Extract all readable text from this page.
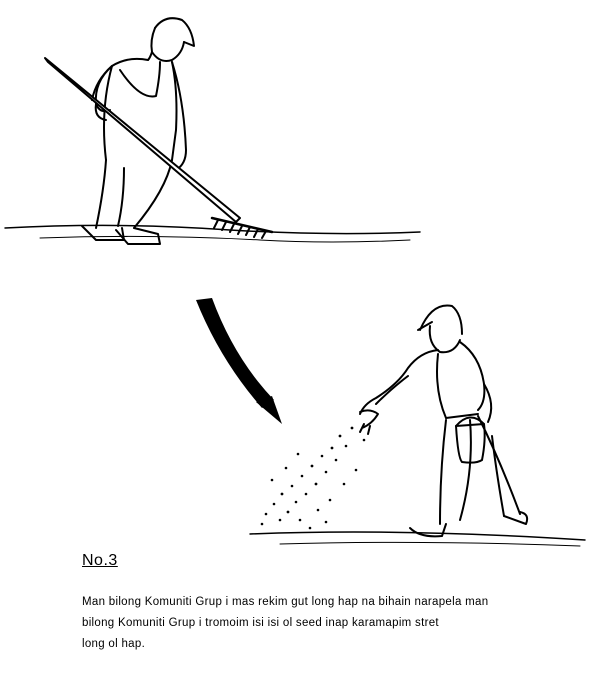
No.3
Man bilong Komuniti Grup i mas rekim gut long hap na bihain narapela man
bilong Komuniti Grup i tromoim isi isi ol seed inap karamapim stret
long ol hap.
